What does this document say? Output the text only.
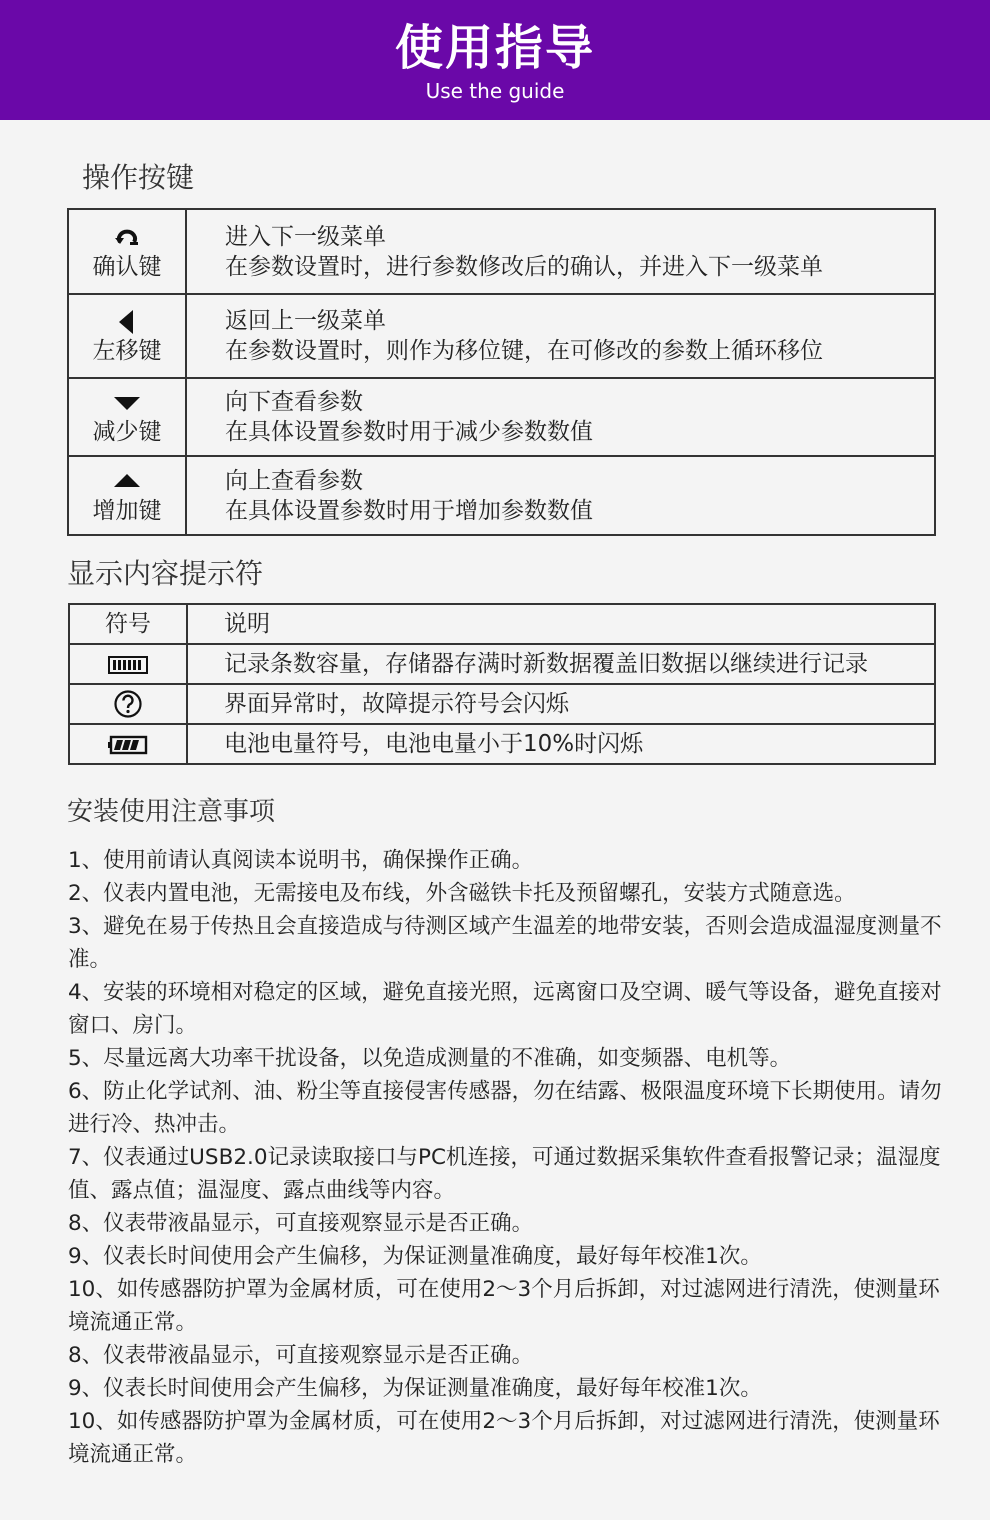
使用指导
Use the guide
操作按键
确认键	进入下一级菜单
在参数设置时，进行参数修改后的确认，并进入下一级菜单

左移键	返回上一级菜单
在参数设置时，则作为移位键，在可修改的参数上循环移位

减少键	向下查看参数
在具体设置参数时用于减少参数数值

增加键	向上查看参数
在具体设置参数时用于增加参数数值
显示内容提示符
符号	说明
	记录条数容量，存储器存满时新数据覆盖旧数据以继续进行记录
	界面异常时，故障提示符号会闪烁
	电池电量符号，电池电量小于10%时闪烁
安装使用注意事项

1、使用前请认真阅读本说明书，确保操作正确。

2、仪表内置电池，无需接电及布线，外含磁铁卡托及预留螺孔，安装方式随意选。

3、避免在易于传热且会直接造成与待测区域产生温差的地带安装，否则会造成温湿度测量不准。

4、安装的环境相对稳定的区域，避免直接光照，远离窗口及空调、暖气等设备，避免直接对窗口、房门。

5、尽量远离大功率干扰设备，以免造成测量的不准确，如变频器、电机等。

6、防止化学试剂、油、粉尘等直接侵害传感器，勿在结露、极限温度环境下长期使用。请勿进行冷、热冲击。

7、仪表通过USB2.0记录读取接口与PC机连接，可通过数据采集软件查看报警记录；温湿度值、露点值；温湿度、露点曲线等内容。

8、仪表带液晶显示，可直接观察显示是否正确。

9、仪表长时间使用会产生偏移，为保证测量准确度，最好每年校准1次。

10、如传感器防护罩为金属材质，可在使用2～3个月后拆卸，对过滤网进行清洗，使测量环境流通正常。

8、仪表带液晶显示，可直接观察显示是否正确。

9、仪表长时间使用会产生偏移，为保证测量准确度，最好每年校准1次。

10、如传感器防护罩为金属材质，可在使用2～3个月后拆卸，对过滤网进行清洗，使测量环境流通正常。
